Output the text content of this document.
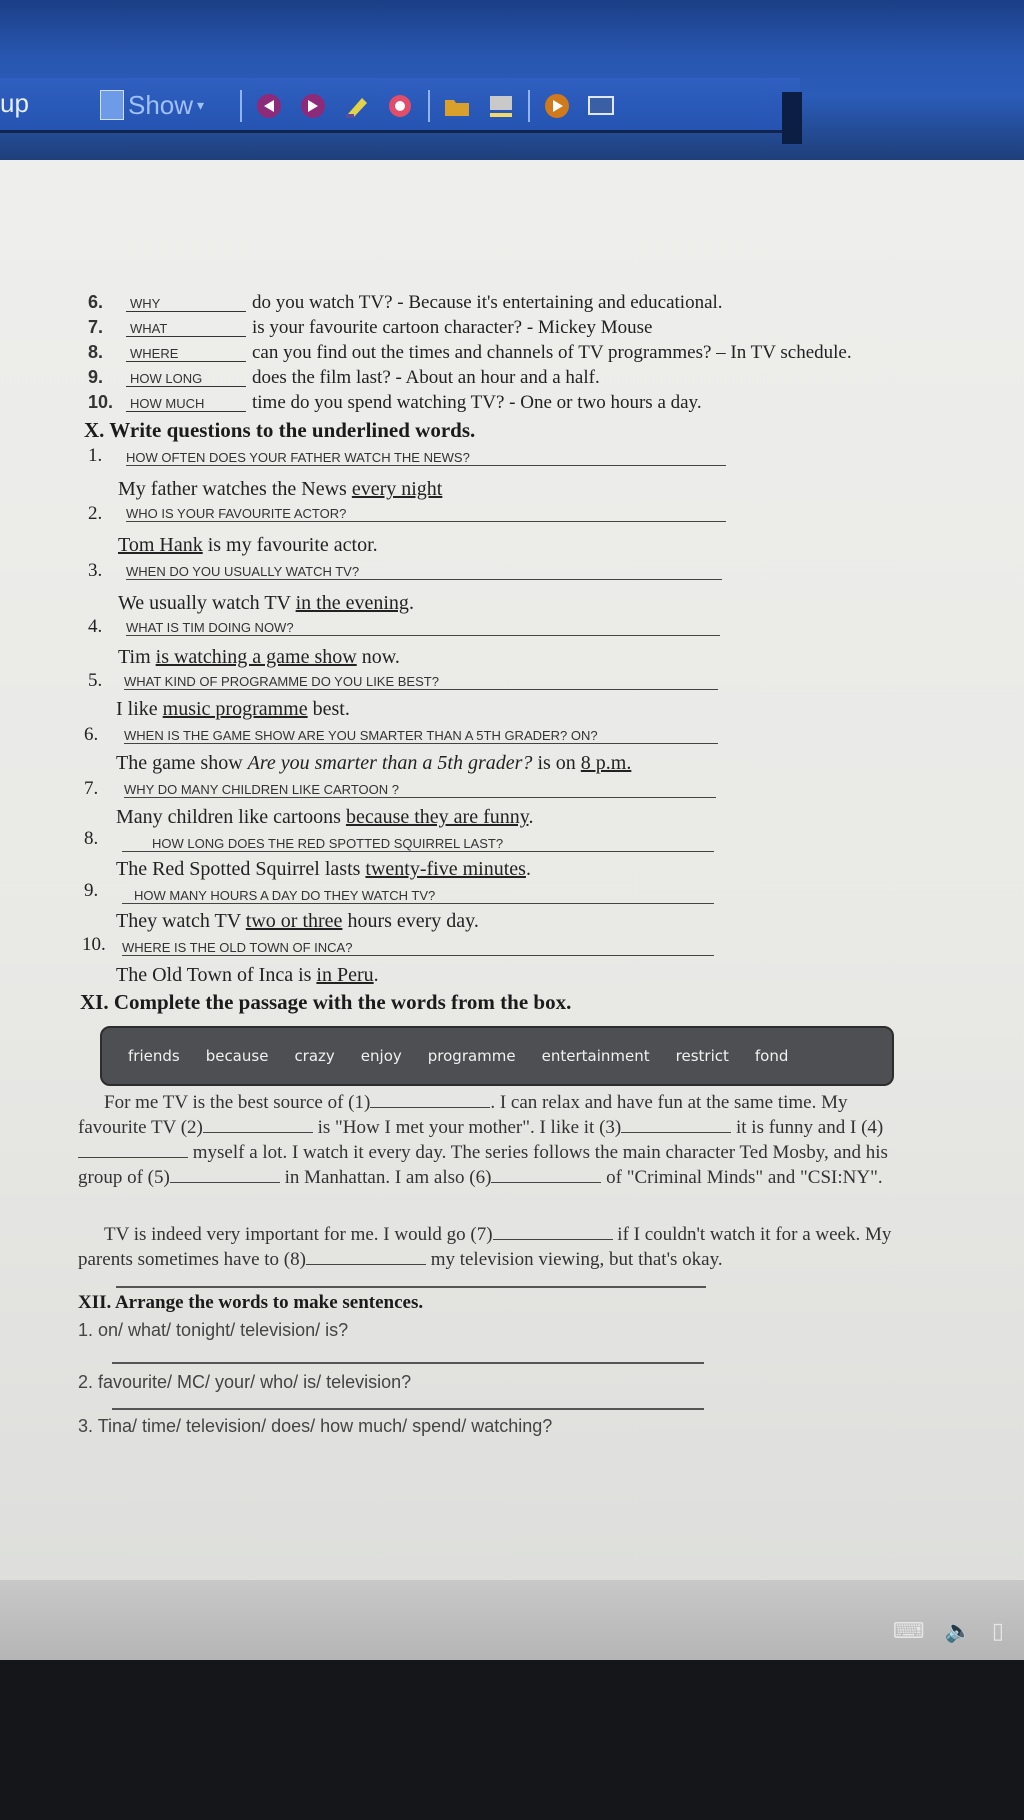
up	Show ▾
6. WHY	do you watch TV? - Because it's entertaining and educational.
7. WHAT	is your favourite cartoon character? - Mickey Mouse
8. WHERE	can you find out the times and channels of TV programmes? – In TV schedule.
9. HOW LONG	does the film last? - About an hour and a half.
10. HOW MUCH	time do you spend watching TV? - One or two hours a day.
X. Write questions to the underlined words.
1. HOW OFTEN DOES YOUR FATHER WATCH THE NEWS?
My father watches the News every night
2. WHO IS YOUR FAVOURITE ACTOR?
Tom Hank is my favourite actor.
3. WHEN DO YOU USUALLY WATCH TV?
We usually watch TV in the evening.
4. WHAT IS TIM DOING NOW?
Tim is watching a game show now.
5. WHAT KIND OF PROGRAMME DO YOU LIKE BEST?
I like music programme best.
6. WHEN IS THE GAME SHOW ARE YOU SMARTER THAN A 5TH GRADER? ON?
The game show Are you smarter than a 5th grader? is on 8 p.m.
7. WHY DO MANY CHILDREN LIKE CARTOON ?
Many children like cartoons because they are funny.
8.	HOW LONG DOES THE RED SPOTTED SQUIRREL LAST?
The Red Spotted Squirrel lasts twenty-five minutes.
9.	HOW MANY HOURS A DAY DO THEY WATCH TV?
They watch TV two or three hours every day.
10. WHERE IS THE OLD TOWN OF INCA?
The Old Town of Inca is in Peru.
XI. Complete the passage with the words from the box.
friends because crazy enjoy programme entertainment restrict fond
For me TV is the best source of (1)	. I can relax and have fun at the same time. My favourite TV (2)	is "How I met your mother". I like it (3)	it is funny and I (4) myself a lot. I watch it every day. The series follows the main character Ted Mosby, and his group of (5)	in Manhattan. I am also (6)	of "Criminal Minds" and "CSI:NY".
TV is indeed very important for me. I would go (7)	if I couldn't watch it for a week. My parents sometimes have to (8)	my television viewing, but that's okay.
XII. Arrange the words to make sentences.
1. on/ what/ tonight/ television/ is?
2. favourite/ MC/ your/ who/ is/ television?
3. Tina/ time/ television/ does/ how much/ spend/ watching?
⌨ 🔈 ▯
